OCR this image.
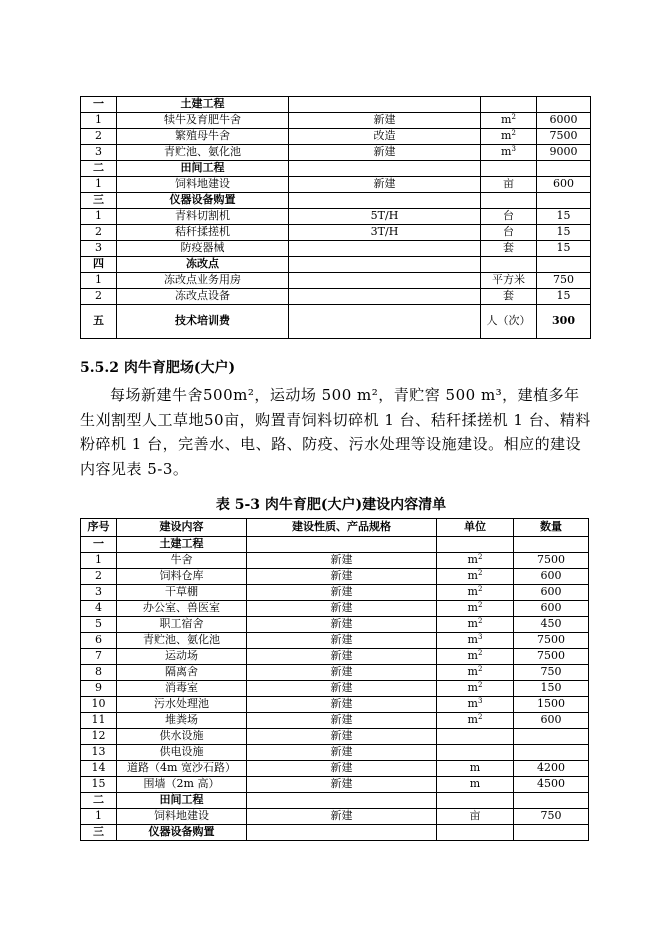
一	土建工程			
1	犊牛及育肥牛舍	新建	$m^2$	6000
2	繁殖母牛舍	改造	$m^2$	7500
3	青贮池、氨化池	新建	$m^3$	9000
二	田间工程			
1	饲料地建设	新建	亩	600
三	仪器设备购置			
1	青料切割机	5T/H	台	15
2	秸秆揉搓机	3T/H	台	15
3	防疫器械		套	15
四	冻改点			
1	冻改点业务用房		平方米	750
2	冻改点设备		套	15
五	技术培训费		人（次）	300

5.5.2 肉牛育肥场(大户)

每场新建牛舍500m²，运动场 500 m²，青贮窖 500 m³，建植多年生刈割型人工草地50亩，购置青饲料切碎机 1 台、秸秆揉搓机 1 台、精料粉碎机 1 台，完善水、电、路、防疫、污水处理等设施建设。相应的建设内容见表 5-3。

表 5-3 肉牛育肥(大户)建设内容清单

序号	建设内容	建设性质、产品规格	单位	数量
一	土建工程			
1	牛舍	新建	$m^2$	7500
2	饲料仓库	新建	$m^2$	600
3	干草棚	新建	$m^2$	600
4	办公室、兽医室	新建	$m^2$	600
5	职工宿舍	新建	$m^2$	450
6	青贮池、氨化池	新建	$m^3$	7500
7	运动场	新建	$m^2$	7500
8	隔离舍	新建	$m^2$	750
9	消毒室	新建	$m^2$	150
10	污水处理池	新建	$m^3$	1500
11	堆粪场	新建	$m^2$	600
12	供水设施	新建		
13	供电设施	新建		
14	道路（4m 宽沙石路）	新建	m	4200
15	围墙（2m 高）	新建	m	4500
二	田间工程			
1	饲料地建设	新建	亩	750
三	仪器设备购置			
